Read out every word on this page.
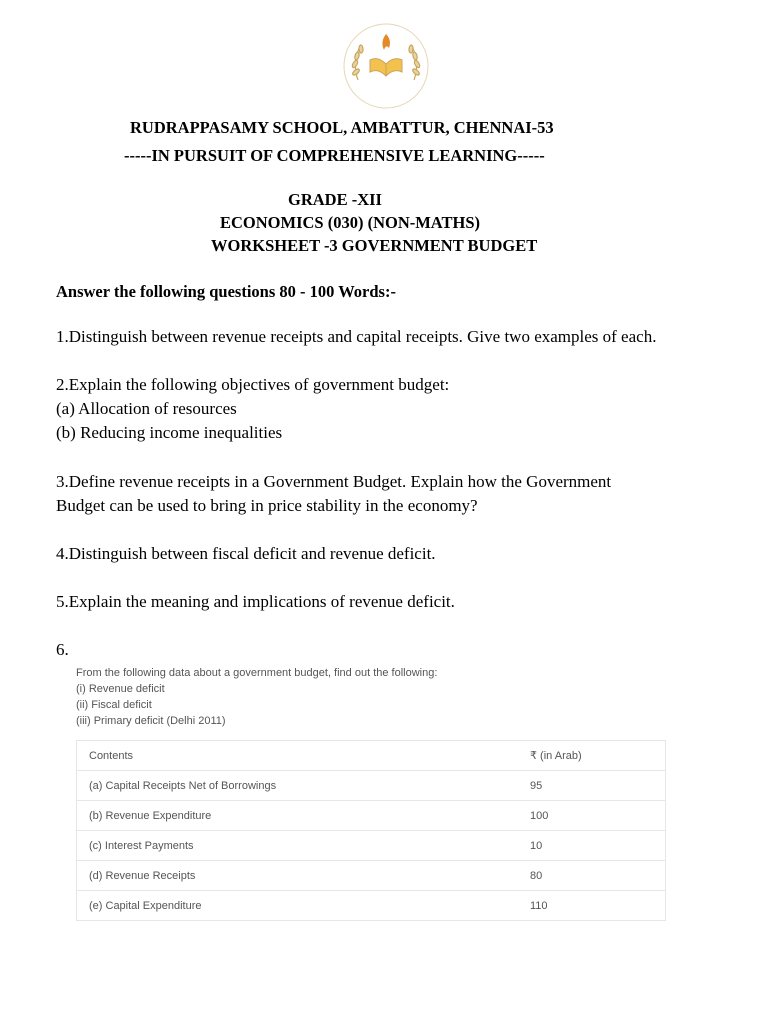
RUDRAPPASAMY SCHOOL, AMBATTUR, CHENNAI-53
-----IN PURSUIT OF COMPREHENSIVE LEARNING-----
GRADE -XII
ECONOMICS (030) (NON-MATHS)
WORKSHEET -3 GOVERNMENT BUDGET
Answer the following questions 80 - 100 Words:-
1.Distinguish between revenue receipts and capital receipts. Give two examples of each.
2.Explain the following objectives of government budget:
(a) Allocation of resources
(b) Reducing income inequalities
3.Define revenue receipts in a Government Budget. Explain how the Government
Budget can be used to bring in price stability in the economy?
4.Distinguish between fiscal deficit and revenue deficit.
5.Explain the meaning and implications of revenue deficit.
6.
From the following data about a government budget, find out the following:
(i) Revenue deficit
(ii) Fiscal deficit
(iii) Primary deficit (Delhi 2011)
Contents	₹ (in Arab)
(a) Capital Receipts Net of Borrowings	95
(b) Revenue Expenditure	100
(c) Interest Payments	10
(d) Revenue Receipts	80
(e) Capital Expenditure	110
